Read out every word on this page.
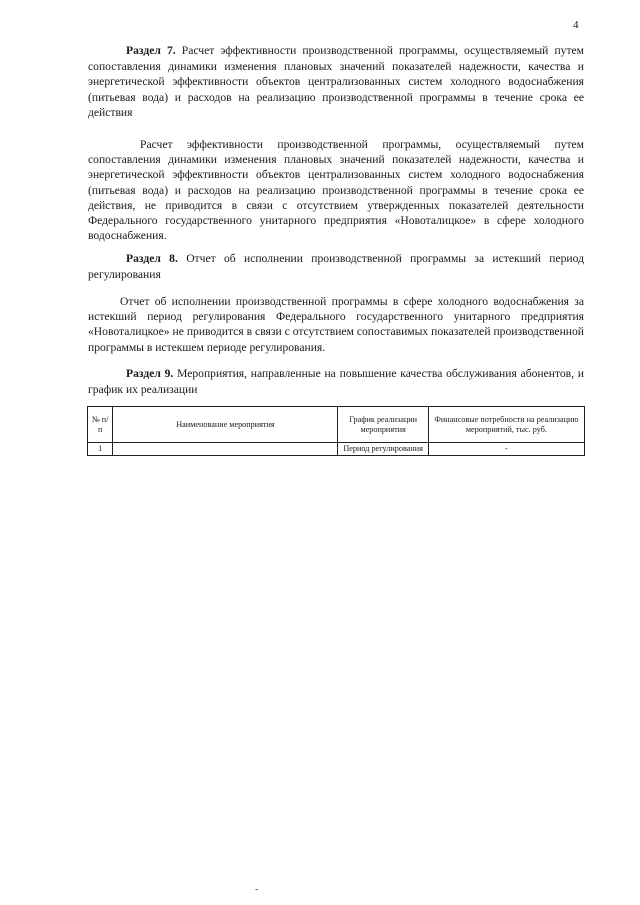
4
Раздел 7. Расчет эффективности производственной программы, осуществляемый путем сопоставления динамики изменения плановых значений показателей надежности, качества и энергетической эффективности объектов централизованных систем холодного водоснабжения (питьевая вода) и расходов на реализацию производственной программы в течение срока ее действия
Расчет эффективности производственной программы, осуществляемый путем сопоставления динамики изменения плановых значений показателей надежности, качества и энергетической эффективности объектов централизованных систем холодного водоснабжения (питьевая вода) и расходов на реализацию производственной программы в течение срока ее действия, не приводится в связи с отсутствием утвержденных показателей деятельности Федерального государственного унитарного предприятия «Новоталицкое» в сфере холодного водоснабжения.
Раздел 8. Отчет об исполнении производственной программы за истекший период регулирования
Отчет об исполнении производственной программы в сфере холодного водоснабжения за истекший период регулирования Федерального государственного унитарного предприятия «Новоталицкое» не приводится в связи с отсутствием сопоставимых показателей производственной программы в истекшем периоде регулирования.
Раздел 9. Мероприятия, направленные на повышение качества обслуживания абонентов, и график их реализации
№ п/п	Наименование мероприятия	График реализации мероприятия	Финансовые потребности на реализацию мероприятий, тыс. руб.
1		Период регулирования	-
-
